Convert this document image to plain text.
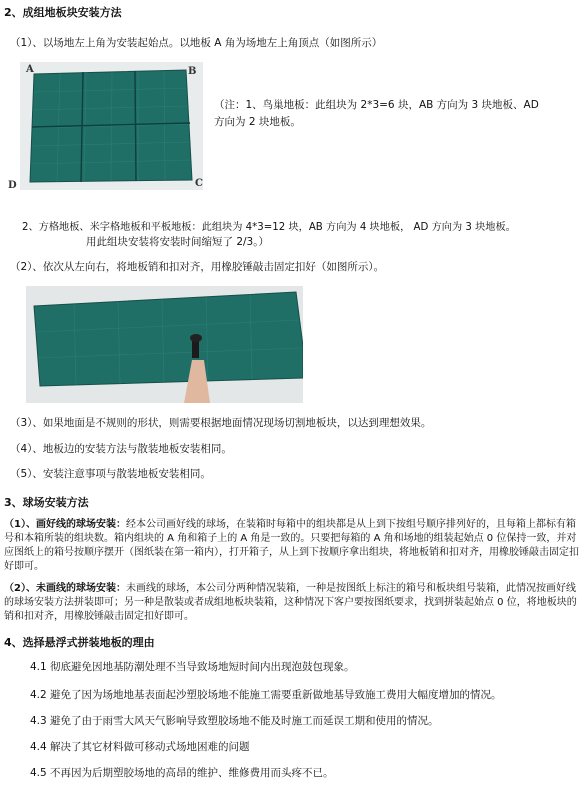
2、成组地板块安装方法
（1）、以场地左上角为安装起始点。以地板 A 角为场地左上角顶点（如图所示）
A	B
C
D
（注：1、鸟巢地板：此组块为 2*3=6 块，AB 方向为 3 块地板、AD
方向为 2 块地板。
2、方格地板、米字格地板和平板地板：此组块为 4*3=12 块，AB 方向为 4 块地板， AD 方向为 3 块地板。
用此组块安装将安装时间缩短了 2/3。）
（2）、依次从左向右，将地板销和扣对齐，用橡胶锤敲击固定扣好（如图所示）。
（3）、如果地面是不规则的形状，则需要根据地面情况现场切割地板块，以达到理想效果。
（4）、地板边的安装方法与散装地板安装相同。
（5）、安装注意事项与散装地板安装相同。
3、球场安装方法
（1）、画好线的球场安装：经本公司画好线的球场，在装箱时每箱中的组块都是从上到下按组号顺序排列好的，且每箱上都标有箱号和本箱所装的组块数。箱内组块的 A 角和箱子上的 A 角是一致的。只要把每箱的 A 角和场地的组装起始点 0 位保持一致，并对应图纸上的箱号按顺序摆开（图纸装在第一箱内），打开箱子，从上到下按顺序拿出组块，将地板销和扣对齐，用橡胶锤敲击固定扣好即可。
（2）、未画线的球场安装：未画线的球场，本公司分两种情况装箱，一种是按图纸上标注的箱号和板块组号装箱，此情况按画好线的球场安装方法拼装即可；另一种是散装或者成组地板块装箱，这种情况下客户要按图纸要求，找到拼装起始点 0 位，将地板块的销和扣对齐，用橡胶锤敲击固定扣好即可。
4、选择悬浮式拼装地板的理由
4.1 彻底避免因地基防潮处理不当导致场地短时间内出现泡鼓包现象。
4.2 避免了因为场地地基表面起沙塑胶场地不能施工需要重新做地基导致施工费用大幅度增加的情况。
4.3 避免了由于雨雪大风天气影响导致塑胶场地不能及时施工而延误工期和使用的情况。
4.4 解决了其它材料做可移动式场地困难的问题
4.5 不再因为后期塑胶场地的高昂的维护、维修费用而头疼不已。
